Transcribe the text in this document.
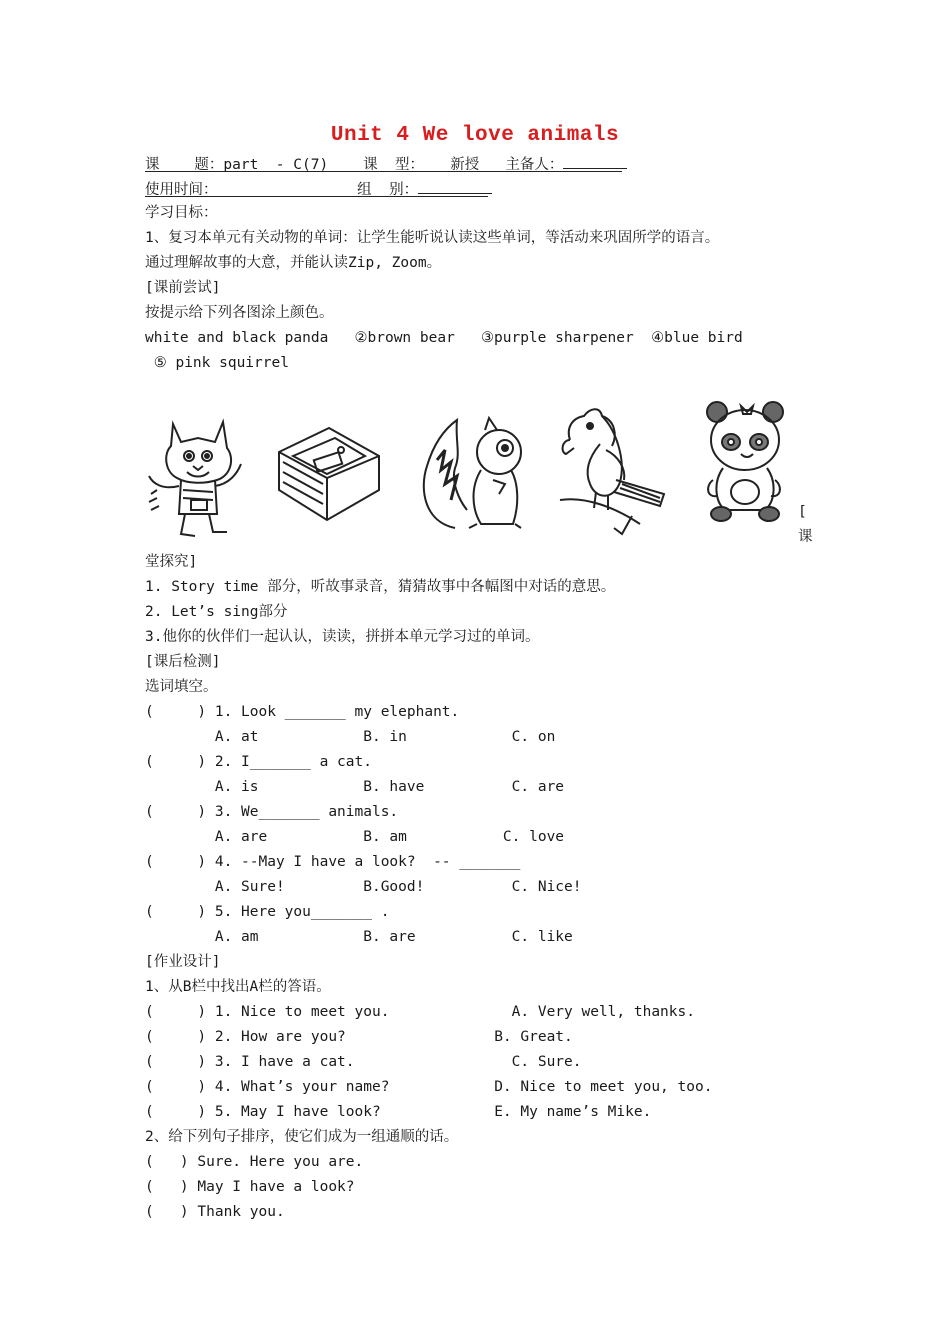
Unit 4 We love animals
课    题：part  - C(7)    课  型：   新授   主备人：
使用时间：                组  别：
学习目标：
1、复习本单元有关动物的单词：让学生能听说认读这些单词，等活动来巩固所学的语言。
通过理解故事的大意，并能认读Zip, Zoom。
[课前尝试]
按提示给下列各图涂上颜色。
white and black panda   ②brown bear   ③purple sharpener  ④blue bird
⑤ pink squirrel
[
课
堂探究]
1. Story time 部分，听故事录音，猜猜故事中各幅图中对话的意思。
2. Let’s sing部分
3.他你的伙伴们一起认认，读读，拼拼本单元学习过的单词。
[课后检测]
选词填空。
(     ) 1. Look _______ my elephant.
A. at            B. in            C. on
(     ) 2. I_______ a cat.
A. is            B. have          C. are
(     ) 3. We_______ animals.
A. are           B. am           C. love
(     ) 4. --May I have a look?  -- _______
A. Sure!         B.Good!          C. Nice!
(     ) 5. Here you_______ .
A. am            B. are           C. like
[作业设计]
1、从B栏中找出A栏的答语。
(     ) 1. Nice to meet you.              A. Very well, thanks.
(     ) 2. How are you?                 B. Great.
(     ) 3. I have a cat.                  C. Sure.
(     ) 4. What’s your name?            D. Nice to meet you, too.
(     ) 5. May I have look?             E. My name’s Mike.
2、给下列句子排序，使它们成为一组通顺的话。
(   ) Sure. Here you are.
(   ) May I have a look?
(   ) Thank you.
